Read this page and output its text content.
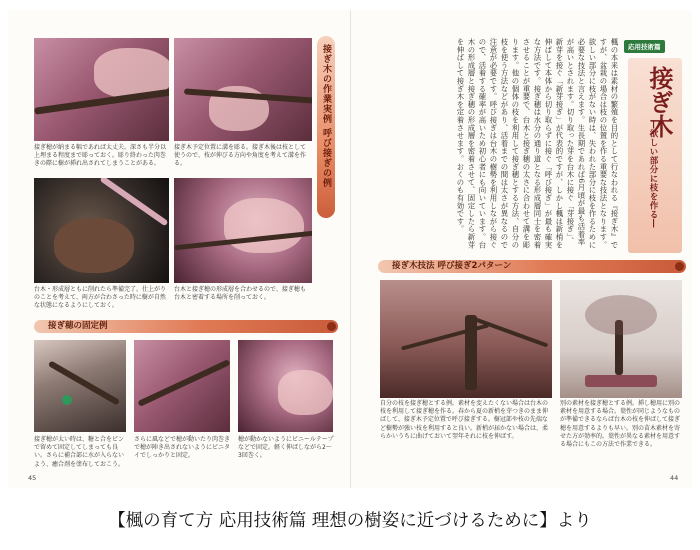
接ぎ穂が納まる幅であれば太丈夫。深さも半分以上埋まる程度まで彫っておく。彫り終わった肉巻きの際に樹が挿れ出されてしまうことがある。
接ぎ木予定位置に溝を彫る。接ぎ木後は枝として使うので、枝が伸びる方向や角度を考えて溝を作る。
台木・形成層ともに削れたら準備完了。仕上がりのことを考えて、両方が合わさった時に樹が自然な状態になるようにしておく。
台木と接ぎ穂の形成層を合わせるので、接ぎ穂も台木と密着する場所を削っておく。
接ぎ木の作業実例 呼び接ぎの例
接ぎ穂の固定例
接ぎ穂が太い時は、糖と合をピンで留めて固定してしまっても良い。さらに補合部に水が入らないよう、癒合剤を塗布しておこう。
さらに風などで穂が動いたり肉巻きで穂が陣き出されないようにビニタイでしっかりと固定。
穂が動かないようにビニールテープなどで固定。軽く伸ばしながら2～3回巻く。
45
応用技術篇
接ぎ木
―欲しい部分に枝を作る―
楓の本来は素材の繁殖を目的として行なわれる『接ぎ木』ですが、盆栽の場合は枝の位置を作る重要な技法となります。欲しい部分に枝がない時は、失われた部分に枝を作るために必要な技法と言えます。生長期であれば6月頃が最も活着率が高いとされます。切り取った芽を台木に接ぐ「芽接ぎ」、新芽を接ぐ「新芽接ぎ」が代表的ですが、しかし楓は新梢を伸ばして本体から切り取らずに接ぐ「呼び接ぎ」が最も確実な方法です。接ぎ穂は水分の通り道となる形成層同士を密着させることが重要で、台木と接ぎ穂の太さに合わせて溝を彫ります。他の個体の枝を利用して接ぎ穂とする方法、自分の枝を使う方法などがあり、活着までの間は太さが異なるので注意が必要です。呼び接ぎは台木の樹勢を利用しながら接ぐので、活着する確率が高いため初心者にも向いています。台木の形成層と接ぎ穂の形成層を密着させて、固定したら新芽を伸ばして接ぎ木を定着させます。おくのも有効です。
接ぎ木技法 呼び接ぎ2パターン
自分の枝を接ぎ穂とする例。素材を変えたくない場合は台木の枝を利用して接ぎ穂を作る。春から夏の新梢を芽つきのまま伸ばして、接ぎ木予定位置で呼び接ぎする。樹冠部や枝の先端など樹勢が強い枝を利用すると良い。新梢が届かない場合は、柔らかいうちに曲げておいて翌年それに枝を伸ばす。
別の素材を接ぎ穂とする例。挿し穂用に別の素材を用意する場合。葉性が同じようなものが準備できるならば台木の枝を伸ばして接ぎ穂を用意するよりも早い。別の苗木素材を寄せた方が効率的。葉性が異なる素材を用意する場合にもこの方法で作業できる。
44
【楓の育て方 応用技術篇 理想の樹姿に近づけるために】より
